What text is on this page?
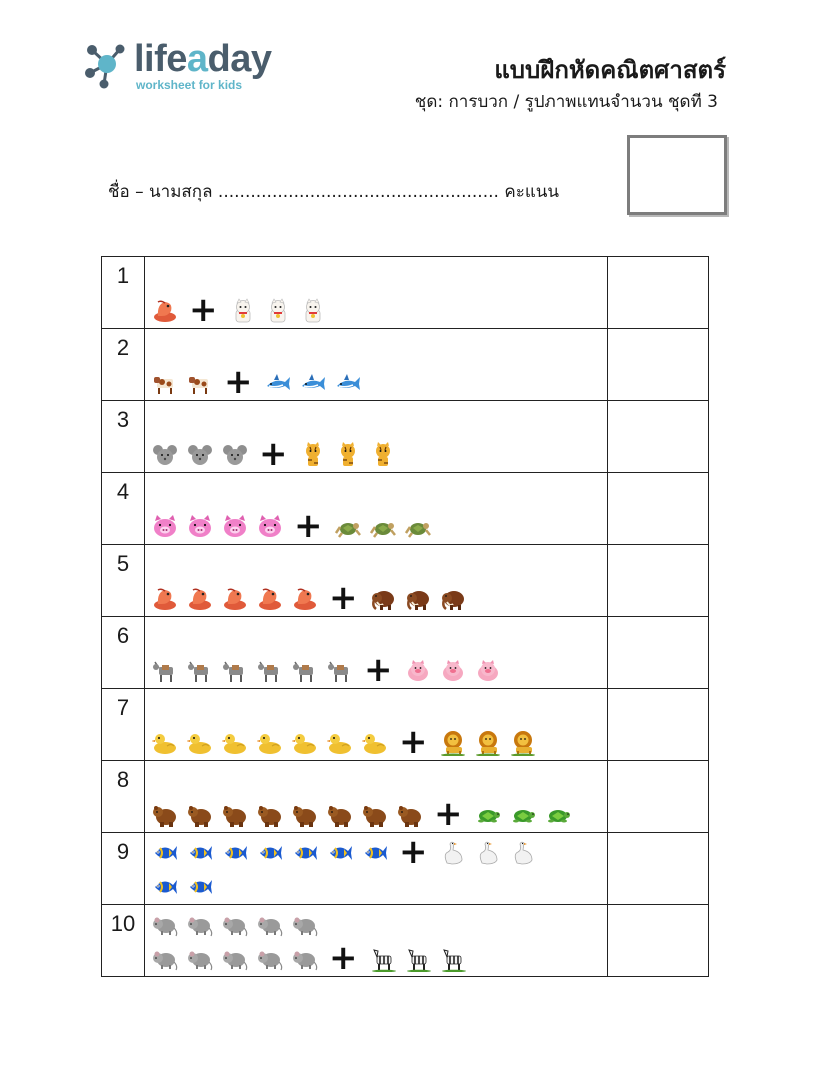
lifeaday
worksheet for kids
แบบฝึกหัดคณิตศาสตร์
ชุด: การบวก / รูปภาพแทนจำนวน ชุดที 3
ชื่อ – นามสกุล .................................................... คะแนน
1	+	

2	+	

3	+	

4	+	

5	+	

6	+	

7	+	

8	+	

9	+	

10	+	
